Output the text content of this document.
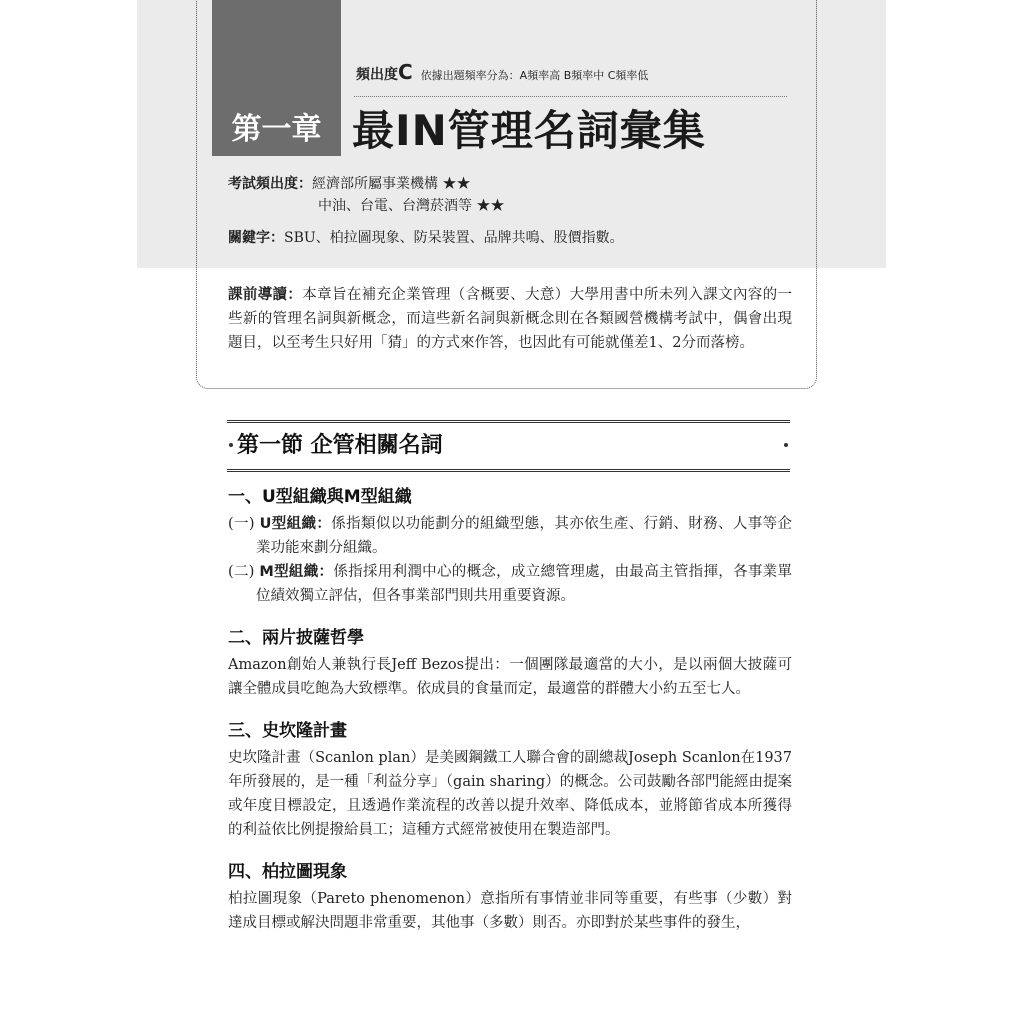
第一章
頻出度C 依據出題頻率分為：A頻率高 B頻率中 C頻率低
最IN管理名詞彙集
考試頻出度：經濟部所屬事業機構 ★★
中油、台電、台灣菸酒等 ★★
關鍵字：SBU、柏拉圖現象、防呆裝置、品牌共鳴、股價指數。
課前導讀：本章旨在補充企業管理（含概要、大意）大學用書中所未列入課文內容的一些新的管理名詞與新概念，而這些新名詞與新概念則在各類國營機構考試中，偶會出現題目，以至考生只好用「猜」的方式來作答，也因此有可能就僅差1、2分而落榜。
第一節 企管相關名詞
一、U型組織與M型組織
(一) U型組織：係指類似以功能劃分的組織型態，其亦依生產、行銷、財務、人事等企業功能來劃分組織。
(二) M型組織：係指採用利潤中心的概念，成立總管理處，由最高主管指揮，各事業單位績效獨立評估，但各事業部門則共用重要資源。
二、兩片披薩哲學
Amazon創始人兼執行長Jeff Bezos提出：一個團隊最適當的大小，是以兩個大披薩可讓全體成員吃飽為大致標準。依成員的食量而定，最適當的群體大小約五至七人。
三、史坎隆計畫
史坎隆計畫（Scanlon plan）是美國鋼鐵工人聯合會的副總裁Joseph Scanlon在1937年所發展的，是一種「利益分享」（gain sharing）的概念。公司鼓勵各部門能經由提案或年度目標設定，且透過作業流程的改善以提升效率、降低成本，並將節省成本所獲得的利益依比例提撥給員工；這種方式經常被使用在製造部門。
四、柏拉圖現象
柏拉圖現象（Pareto phenomenon）意指所有事情並非同等重要，有些事（少數）對達成目標或解決問題非常重要，其他事（多數）則否。亦即對於某些事件的發生，
